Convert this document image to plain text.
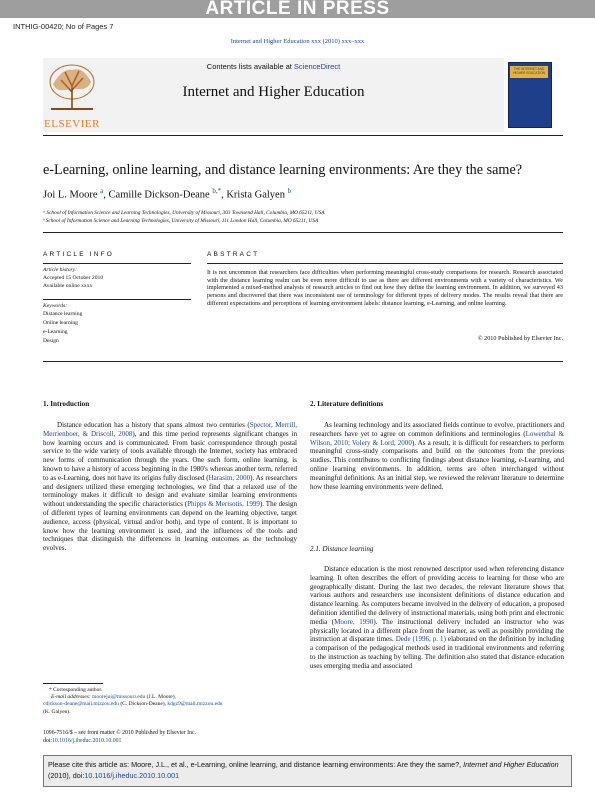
ARTICLE IN PRESS
INTHIG-00420; No of Pages 7
Internet and Higher Education xxx (2010) xxx–xxx
ELSEVIER
Contents lists available at ScienceDirect
Internet and Higher Education
THE INTERNET AND HIGHER EDUCATION
e-Learning, online learning, and distance learning environments: Are they the same?
Joi L. Moore $^a$, Camille Dickson-Deane $^{b,*}$, Krista Galyen $^b$
ᵃ School of Information Science and Learning Technologies, University of Missouri, 303 Townsend Hall, Columbia, MO 65211, USA
ᵇ School of Information Science and Learning Technologies, University of Missouri, 111 London Hall, Columbia, MO 65211, USA
ARTICLE INFO
Article history:
Accepted 15 October 2010
Available online xxxx
Keywords:
Distance learning
Online learning
e-Learning
Design
ABSTRACT
It is not uncommon that researchers face difficulties when performing meaningful cross-study comparisons for research. Research associated with the distance learning realm can be even more difficult to use as there are different environments with a variety of characteristics. We implemented a mixed-method analysis of research articles to find out how they define the learning environment. In addition, we surveyed 43 persons and discovered that there was inconsistent use of terminology for different types of delivery modes. The results reveal that there are different expectations and perceptions of learning environment labels: distance learning, e-Learning, and online learning.
© 2010 Published by Elsevier Inc.
1. Introduction

Distance education has a history that spans almost two centuries (Spector, Merrill, Merrienboer, & Driscoll, 2008), and this time period represents significant changes in how learning occurs and is communicated. From basic correspondence through postal service to the wide variety of tools available through the Internet, society has embraced new forms of communication through the years. One such form, online learning, is known to have a history of access beginning in the 1980's whereas another term, referred to as e-Learning, does not have its origins fully disclosed (Harasim, 2000). As researchers and designers utilized these emerging technologies, we find that a relaxed use of the terminology makes it difficult to design and evaluate similar learning environments without understanding the specific characteristics (Phipps & Merisotis, 1999). The design of different types of learning environments can depend on the learning objective, target audience, access (physical, virtual and/or both), and type of content. It is important to know how the learning environment is used, and the influences of the tools and techniques that distinguish the differences in learning outcomes as the technology evolves.

* Corresponding author.
E-mail addresses: moorejoi@missouri.edu (J.L. Moore),
cdickson-deane@mail.mizzou.edu (C. Dickson-Deane), kdgz9@mail.mizzou.edu
(K. Galyen).
1096-7516/$ – see front matter © 2010 Published by Elsevier Inc.
doi:10.1016/j.iheduc.2010.10.001
2. Literature definitions

As learning technology and its associated fields continue to evolve, practitioners and researchers have yet to agree on common definitions and terminologies (Lowenthal & Wilson, 2010; Volery & Lord, 2000). As a result, it is difficult for researchers to perform meaningful cross-study comparisons and build on the outcomes from the previous studies. This contributes to conflicting findings about distance learning, e-Learning, and online learning environments. In addition, terms are often interchanged without meaningful definitions. As an initial step, we reviewed the relevant literature to determine how these learning environments were defined.

2.1. Distance learning

Distance education is the most renowned descriptor used when referencing distance learning. It often describes the effort of providing access to learning for those who are geographically distant. During the last two decades, the relevant literature shows that various authors and researchers use inconsistent definitions of distance education and distance learning. As computers became involved in the delivery of education, a proposed definition identified the delivery of instructional materials, using both print and electronic media (Moore, 1990). The instructional delivery included an instructor who was physically located in a different place from the learner, as well as possibly providing the instruction at disparate times. Dede (1996, p. 1) elaborated on the definition by including a comparison of the pedagogical methods used in traditional environments and referring to the instruction as teaching by telling. The definition also stated that distance education uses emerging media and associated

Please cite this article as: Moore, J.L., et al., e-Learning, online learning, and distance learning environments: Are they the same?, Internet and Higher Education (2010), doi:10.1016/j.iheduc.2010.10.001
